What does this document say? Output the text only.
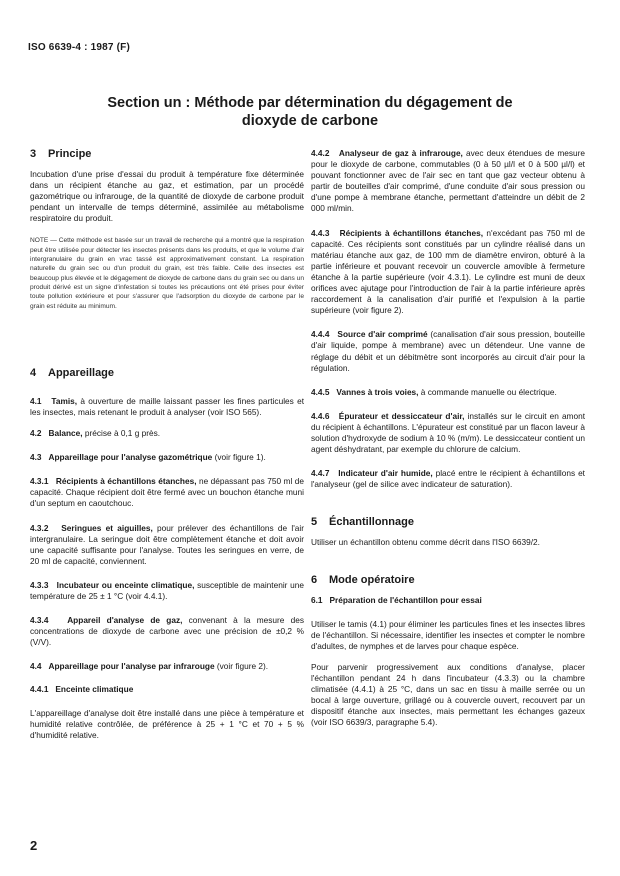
ISO 6639-4 : 1987 (F)
Section un : Méthode par détermination du dégagement de
dioxyde de carbone
3 Principe

Incubation d'une prise d'essai du produit à température fixe déterminée dans un récipient étanche au gaz, et estimation, par un procédé gazométrique ou infrarouge, de la quantité de dioxyde de carbone produit pendant un intervalle de temps déterminé, assimilée au métabolisme respiratoire du produit.

NOTE — Cette méthode est basée sur un travail de recherche qui a montré que la respiration peut être utilisée pour détecter les insectes présents dans les produits, et que le volume d'air intergranulaire du grain en vrac tassé est approximativement constant. La respiration naturelle du grain sec ou d'un produit du grain, est très faible. Celle des insectes est beaucoup plus élevée et le dégagement de dioxyde de carbone dans du grain sec ou dans un produit dérivé est un signe d'infestation si toutes les précautions ont été prises pour éviter toute pollution extérieure et pour s'assurer que l'adsorption du dioxyde de carbone par le grain est réduite au minimum.

4 Appareillage

4.1 Tamis, à ouverture de maille laissant passer les fines particules et les insectes, mais retenant le produit à analyser (voir ISO 565).

4.2 Balance, précise à 0,1 g près.

4.3 Appareillage pour l'analyse gazométrique (voir figure 1).

4.3.1 Récipients à échantillons étanches, ne dépassant pas 750 ml de capacité. Chaque récipient doit être fermé avec un bouchon étanche muni d'un septum en caoutchouc.

4.3.2 Seringues et aiguilles, pour prélever des échantillons de l'air intergranulaire. La seringue doit être complètement étanche et doit avoir une capacité suffisante pour l'analyse. Toutes les seringues en verre, de 20 ml de capacité, conviennent.

4.3.3 Incubateur ou enceinte climatique, susceptible de maintenir une température de 25 ± 1 °C (voir 4.4.1).

4.3.4 Appareil d'analyse de gaz, convenant à la mesure des concentrations de dioxyde de carbone avec une précision de ±0,2 % (V/V).

4.4 Appareillage pour l'analyse par infrarouge (voir figure 2).

4.4.1 Enceinte climatique

L'appareillage d'analyse doit être installé dans une pièce à température et humidité relative contrôlée, de préférence à 25 + 1 °C et 70 + 5 % d'humidité relative.

4.4.2 Analyseur de gaz à infrarouge, avec deux étendues de mesure pour le dioxyde de carbone, commutables (0 à 50 µl/l et 0 à 500 µl/l) et pouvant fonctionner avec de l'air sec en tant que gaz vecteur obtenu à partir de bouteilles d'air comprimé, d'une conduite d'air sous pression ou d'une pompe à membrane étanche, permettant d'atteindre un débit de 2 000 ml/min.

4.4.3 Récipients à échantillons étanches, n'excédant pas 750 ml de capacité. Ces récipients sont constitués par un cylindre réalisé dans un matériau étanche aux gaz, de 100 mm de diamètre environ, obturé à la partie inférieure et pouvant recevoir un couvercle amovible à fermeture étanche à la partie supérieure (voir 4.3.1). Le cylindre est muni de deux orifices avec ajutage pour l'introduction de l'air à la partie inférieure après raccordement à la canalisation d'air purifié et l'expulsion à la partie supérieure (voir figure 2).

4.4.4 Source d'air comprimé (canalisation d'air sous pression, bouteille d'air liquide, pompe à membrane) avec un détendeur. Une vanne de réglage du débit et un débitmètre sont incorporés au circuit d'air pour la régulation.

4.4.5 Vannes à trois voies, à commande manuelle ou électrique.

4.4.6 Épurateur et dessiccateur d'air, installés sur le circuit en amont du récipient à échantillons. L'épurateur est constitué par un flacon laveur à solution d'hydroxyde de sodium à 10 % (m/m). Le dessiccateur contient un agent déshydratant, par exemple du chlorure de calcium.

4.4.7 Indicateur d'air humide, placé entre le récipient à échantillons et l'analyseur (gel de silice avec indicateur de saturation).

5 Échantillonnage

Utiliser un échantillon obtenu comme décrit dans l'ISO 6639/2.

6 Mode opératoire

6.1 Préparation de l'échantillon pour essai

Utiliser le tamis (4.1) pour éliminer les particules fines et les insectes libres de l'échantillon. Si nécessaire, identifier les insectes et compter le nombre d'adultes, de nymphes et de larves pour chaque espèce.

Pour parvenir progressivement aux conditions d'analyse, placer l'échantillon pendant 24 h dans l'incubateur (4.3.3) ou la chambre climatisée (4.4.1) à 25 °C, dans un sac en tissu à maille serrée ou un bocal à large ouverture, grillagé ou à couvercle ouvert, recouvert par un dispositif étanche aux insectes, mais permettant les échanges gazeux (voir ISO 6639/3, paragraphe 5.4).

2
